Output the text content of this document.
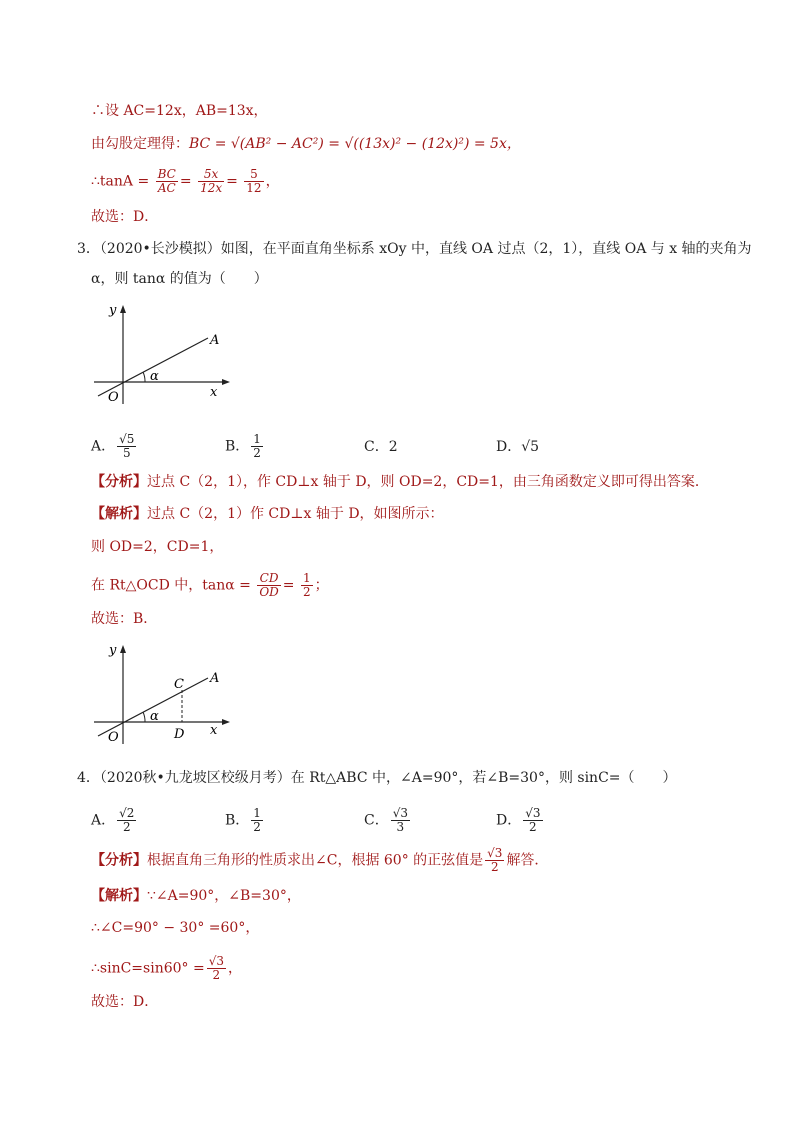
∴设 AC=12x，AB=13x，
由勾股定理得：BC = √(AB² − AC²) = √((13x)² − (12x)²) = 5x，
∴tanA = $\frac{BC}{AC} = \frac{5x}{12x} = \frac{5}{12}$ ，
故选：D．
3．（2020•长沙模拟）如图，在平面直角坐标系 xOy 中，直线 OA 过点（2，1），直线 OA 与 x 轴的夹角为
α，则 tanα 的值为（　　）
y
x
O
A
α
A． $\frac{√5}{5}$	B． $\frac{1}{2}$	C．2	D．√5
【分析】过点 C（2，1），作 CD⊥x 轴于 D，则 OD=2，CD=1，由三角函数定义即可得出答案．
【解析】过点 C（2，1）作 CD⊥x 轴于 D，如图所示：
则 OD=2，CD=1，
在 Rt△OCD 中，$\tan\alpha = \frac{CD}{OD} = \frac{1}{2}$ ；
故选：B．
y
x
O
A
C
D
α
4．（2020秋•九龙坡区校级月考）在 Rt△ABC 中，∠A=90°，若∠B=30°，则 sinC=（　　）
A． $\frac{√2}{2}$	B． $\frac{1}{2}$	C． $\frac{√3}{3}$	D． $\frac{√3}{2}$
【分析】根据直角三角形的性质求出∠C，根据 60° 的正弦值是 $\frac{√3}{2}$ 解答．
【解析】∵∠A=90°，∠B=30°，
∴∠C=90° − 30° =60°，
∴sinC=sin60° = $\frac{√3}{2}$ ，
故选：D．
